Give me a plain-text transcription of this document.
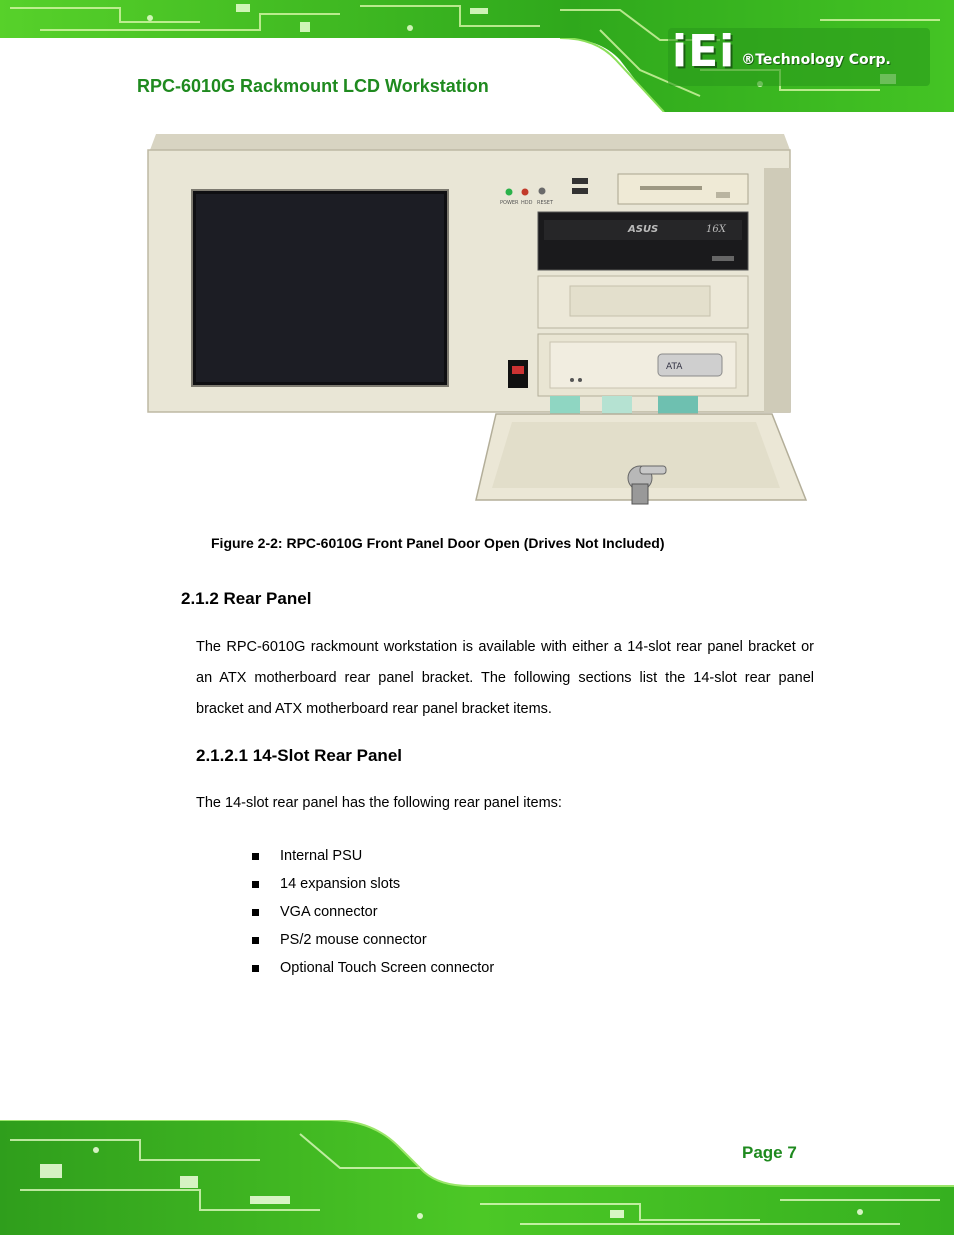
iEi ®Technology Corp.
RPC-6010G Rackmount LCD Workstation
POWER HDD RESET
ASUS	16X
ATA

Figure 2-2: RPC-6010G Front Panel Door Open (Drives Not Included)

2.1.2 Rear Panel

The RPC-6010G rackmount workstation is available with either a 14-slot rear panel bracket or an ATX motherboard rear panel bracket. The following sections list the 14-slot rear panel bracket and ATX motherboard rear panel bracket items.

2.1.2.1 14-Slot Rear Panel

The 14-slot rear panel has the following rear panel items:

Internal PSU
14 expansion slots
VGA connector
PS/2 mouse connector
Optional Touch Screen connector

Page 7
